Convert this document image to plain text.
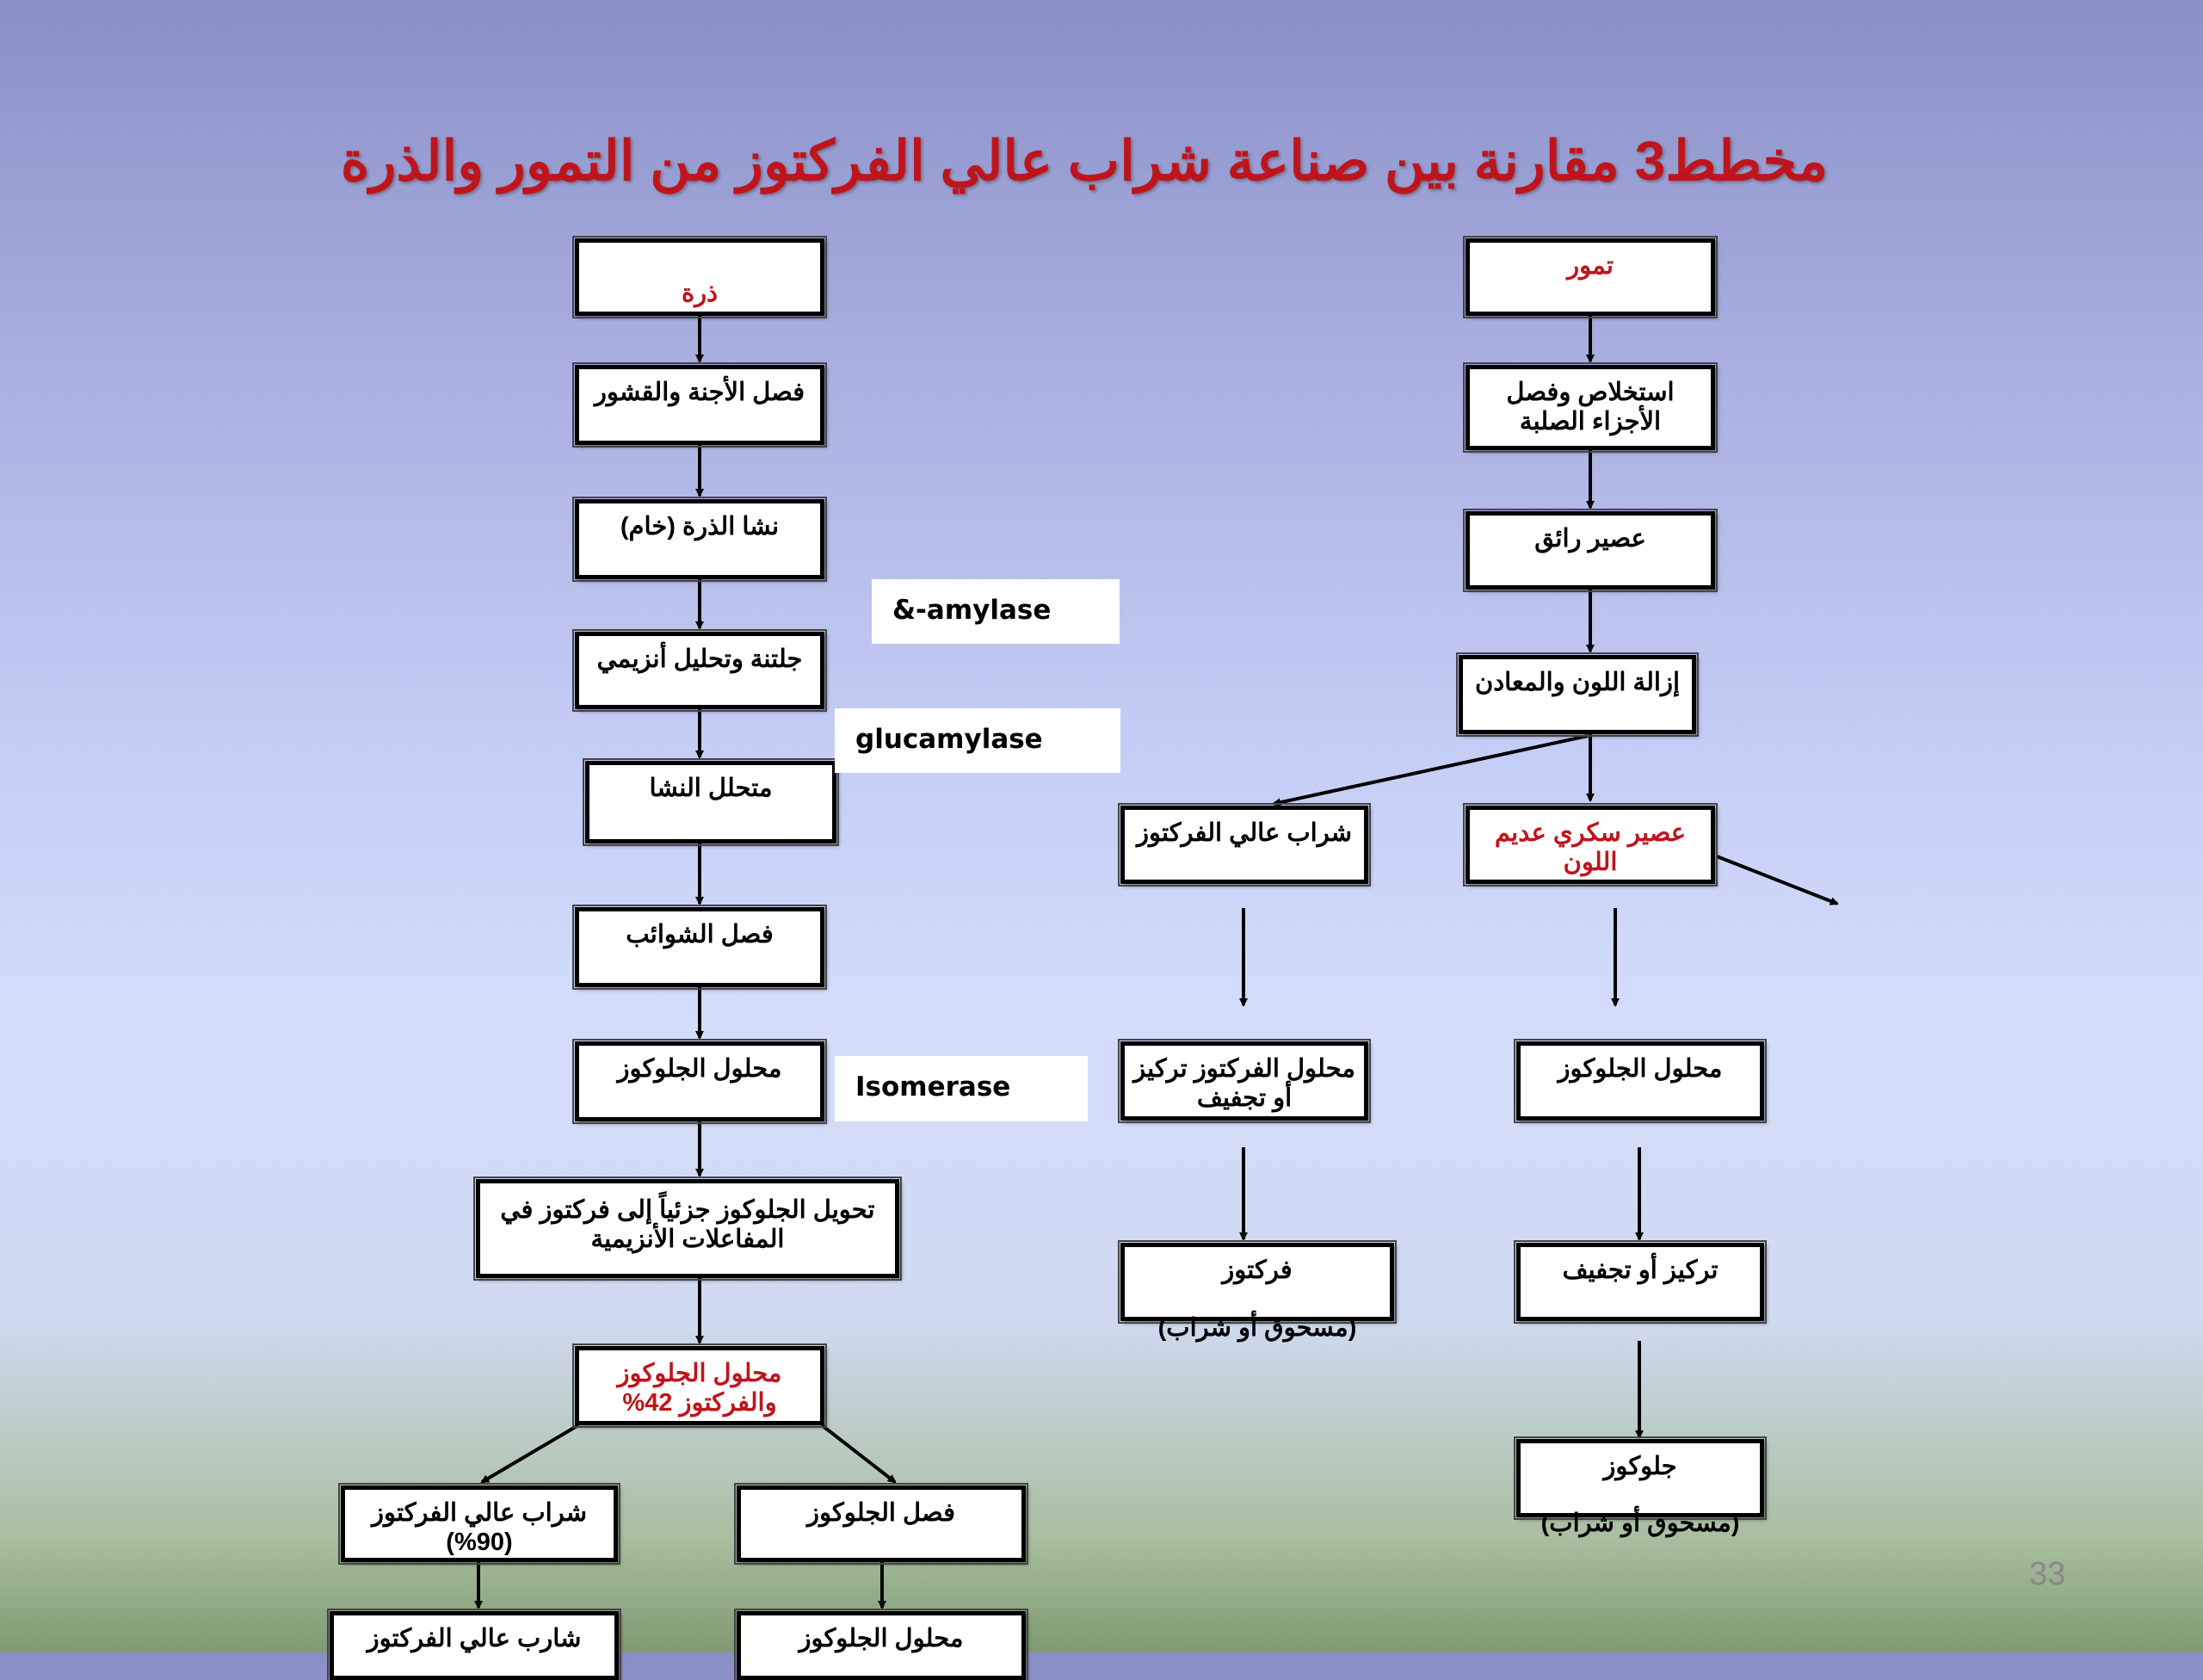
مخطط3 مقارنة بين صناعة شراب عالي الفركتوز من التمور والذرة
ذرة
فصل الأجنة والقشور
نشا الذرة (خام)
جلتنة وتحليل أنزيمي
متحلل النشا
فصل الشوائب
محلول الجلوكوز
تحويل الجلوكوز جزئياً إلى فركتوز في المفاعلات الأنزيمية
محلول الجلوكوز والفركتوز 42%
شراب عالي الفركتوز (90%)
فصل الجلوكوز
شارب عالي الفركتوز	محلول الجلوكوز
&-amylase
glucamylase
Isomerase
تمور
استخلاص وفصل الأجزاء الصلبة
عصير رائق
إزالة اللون والمعادن
شراب عالي الفركتوز	عصير سكري عديم اللون
محلول الفركتوز تركيز أو تجفيف
فركتوز
(مسحوق أو شراب)
محلول الجلوكوز
تركيز أو تجفيف
جلوكوز
(مسحوق أو شراب)
33
